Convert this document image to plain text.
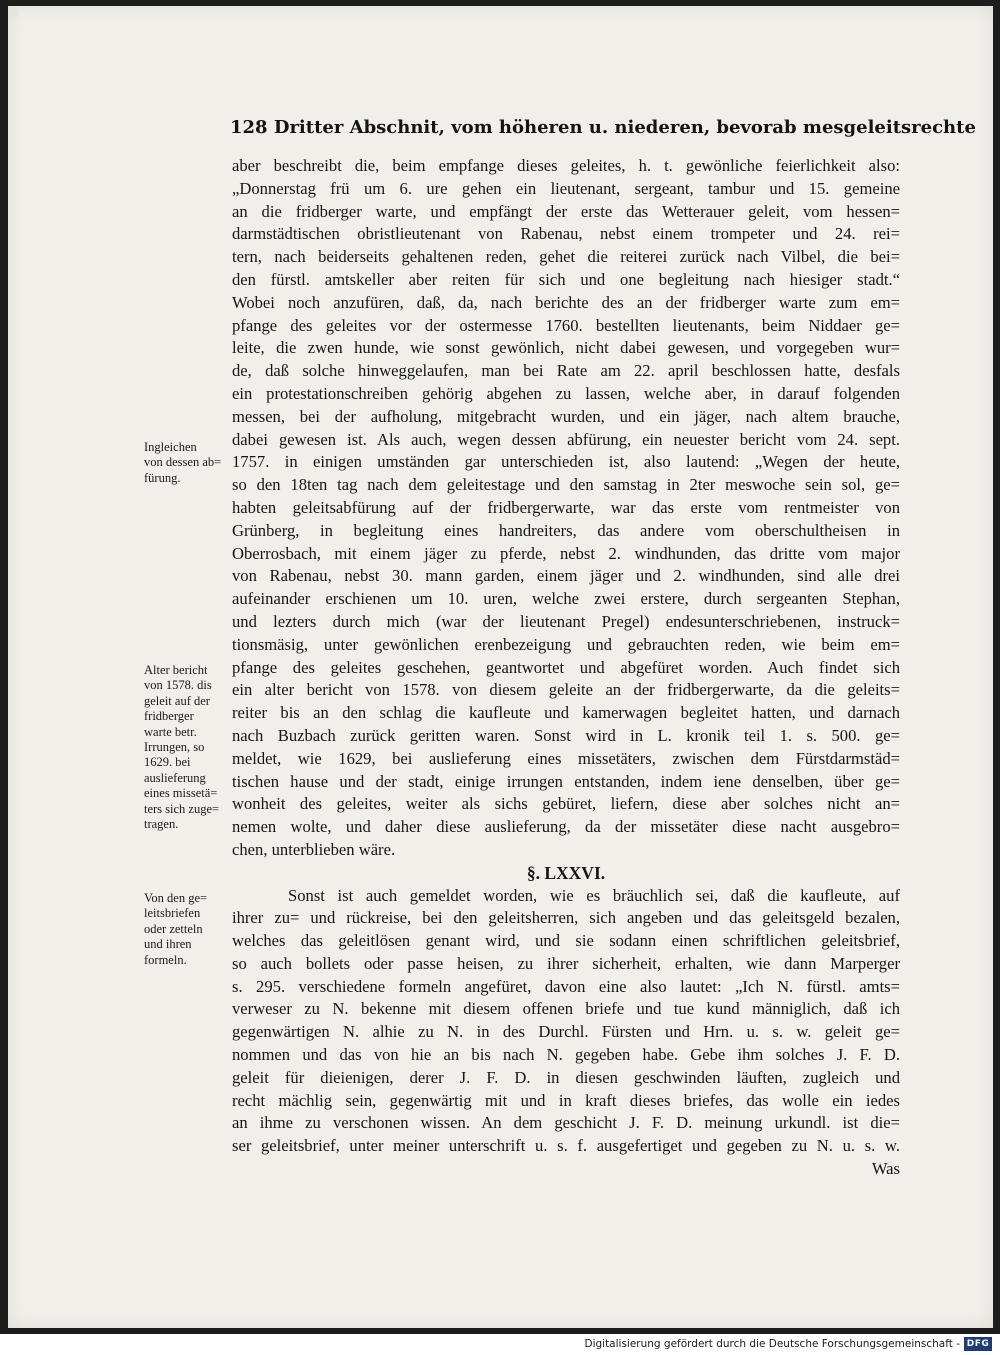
128 Dritter Abschnit, vom höheren u. niederen, bevorab mesgeleitsrechte
aber beschreibt die, beim empfange dieses geleites, h. t. gewönliche feierlichkeit also:
„Donnerstag frü um 6. ure gehen ein lieutenant, sergeant, tambur und 15. gemeine
an die fridberger warte, und empfängt der erste das Wetterauer geleit, vom hessen=
darmstädtischen obristlieutenant von Rabenau, nebst einem trompeter und 24. rei=
tern, nach beiderseits gehaltenen reden, gehet die reiterei zurück nach Vilbel, die bei=
den fürstl. amtskeller aber reiten für sich und one begleitung nach hiesiger stadt.“
Wobei noch anzufüren, daß, da, nach berichte des an der fridberger warte zum em=
pfange des geleites vor der ostermesse 1760. bestellten lieutenants, beim Niddaer ge=
leite, die zwen hunde, wie sonst gewönlich, nicht dabei gewesen, und vorgegeben wur=
de, daß solche hinweggelaufen, man bei Rate am 22. april beschlossen hatte, desfals
ein protestationschreiben gehörig abgehen zu lassen, welche aber, in darauf folgenden
messen, bei der aufholung, mitgebracht wurden, und ein jäger, nach altem brauche,
dabei gewesen ist. Als auch, wegen dessen abfürung, ein neuester bericht vom 24. sept.
1757. in einigen umständen gar unterschieden ist, also lautend: „Wegen der heute,
so den 18ten tag nach dem geleitestage und den samstag in 2ter meswoche sein sol, ge=
habten geleitsabfürung auf der fridbergerwarte, war das erste vom rentmeister von
Grünberg, in begleitung eines handreiters, das andere vom oberschultheisen in
Oberrosbach, mit einem jäger zu pferde, nebst 2. windhunden, das dritte vom major
von Rabenau, nebst 30. mann garden, einem jäger und 2. windhunden, sind alle drei
aufeinander erschienen um 10. uren, welche zwei erstere, durch sergeanten Stephan,
und lezters durch mich (war der lieutenant Pregel) endesunterschriebenen, instruck=
tionsmäsig, unter gewönlichen erenbezeigung und gebrauchten reden, wie beim em=
pfange des geleites geschehen, geantwortet und abgefüret worden. Auch findet sich
ein alter bericht von 1578. von diesem geleite an der fridbergerwarte, da die geleits=
reiter bis an den schlag die kaufleute und kamerwagen begleitet hatten, und darnach
nach Buzbach zurück geritten waren. Sonst wird in L. kronik teil 1. s. 500. ge=
meldet, wie 1629, bei auslieferung eines missetäters, zwischen dem Fürstdarmstäd=
tischen hause und der stadt, einige irrungen entstanden, indem iene denselben, über ge=
wonheit des geleites, weiter als sichs gebüret, liefern, diese aber solches nicht an=
nemen wolte, und daher diese auslieferung, da der missetäter diese nacht ausgebro=
chen, unterblieben wäre.
§. LXXVI.
Sonst ist auch gemeldet worden, wie es bräuchlich sei, daß die kaufleute, auf
ihrer zu= und rückreise, bei den geleitsherren, sich angeben und das geleitsgeld bezalen,
welches das geleitlösen genant wird, und sie sodann einen schriftlichen geleitsbrief,
so auch bollets oder passe heisen, zu ihrer sicherheit, erhalten, wie dann Marperger
s. 295. verschiedene formeln angefüret, davon eine also lautet: „Ich N. fürstl. amts=
verweser zu N. bekenne mit diesem offenen briefe und tue kund männiglich, daß ich
gegenwärtigen N. alhie zu N. in des Durchl. Fürsten und Hrn. u. s. w. geleit ge=
nommen und das von hie an bis nach N. gegeben habe. Gebe ihm solches J. F. D.
geleit für dieienigen, derer J. F. D. in diesen geschwinden läuften, zugleich und
recht mächlig sein, gegenwärtig mit und in kraft dieses briefes, das wolle ein iedes
an ihme zu verschonen wissen. An dem geschicht J. F. D. meinung urkundl. ist die=
ser geleitsbrief, unter meiner unterschrift u. s. f. ausgefertiget und gegeben zu N. u. s. w.
Was
Ingleichen
von dessen ab=
fürung.
Alter bericht
von 1578. dis
geleit auf der
fridberger
warte betr.
Irrungen, so
1629. bei
auslieferung
eines missetä=
ters sich zuge=
tragen.
Von den ge=
leitsbriefen
oder zetteln
und ihren
formeln.
Digitalisierung gefördert durch die Deutsche Forschungsgemeinschaft - DFG
